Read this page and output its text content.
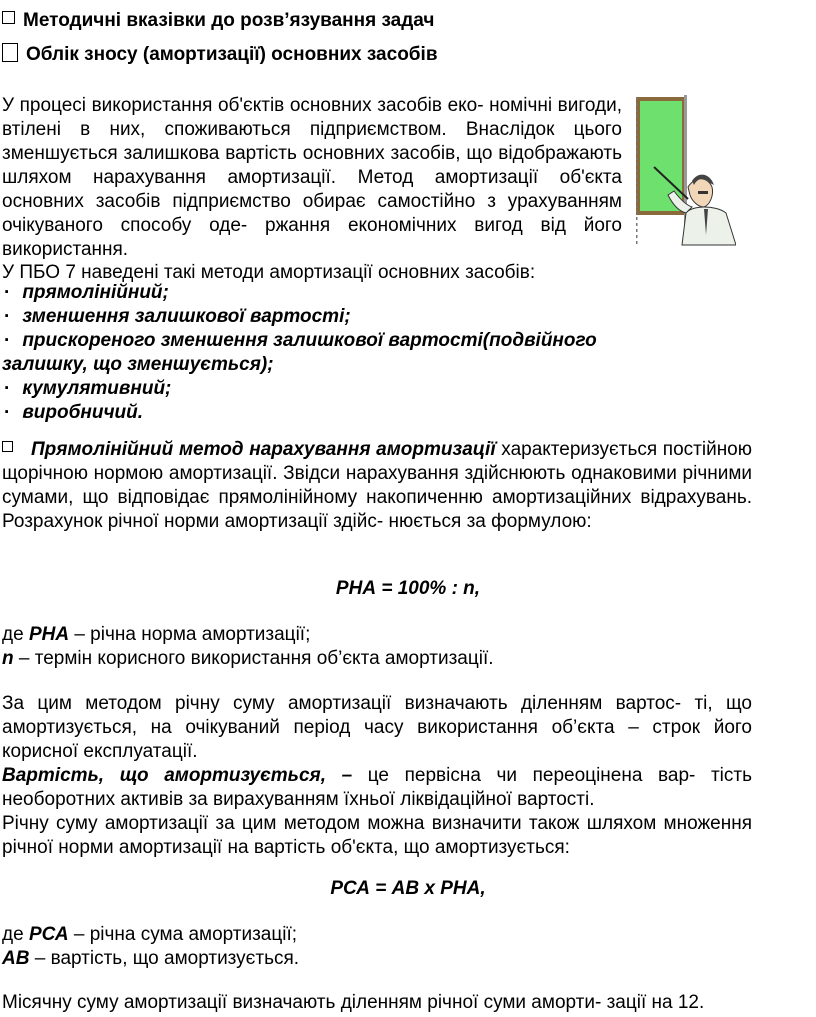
Методичні вказівки до розв’язування задач
Облік зносу (амортизації) основних засобів

У процесі використання об'єктів основних засобів еко- номічні вигоди, втілені в них, споживаються підприємством. Внаслідок цього зменшується залишкова вартість основних засобів, що відображають шляхом нарахування амортизації. Метод амортизації об'єкта основних засобів підприємство обирає самостійно з урахуванням очікуваного способу оде- ржання економічних вигод від його використання.

У ПБО 7 наведені такі методи амортизації основних засобів:
· прямолінійний;
· зменшення залишкової вартості;
· прискореного зменшення залишкової вартості(подвійного
залишку, що зменшується);
· кумулятивний;
· виробничий.

Прямолінійний метод нарахування амортизації характеризується постійною щорічною нормою амортизації. Звідси нарахування здійснюють однаковими річними сумами, що відповідає прямолінійному накопиченню амортизаційних відрахувань. Розрахунок річної норми амортизації здійс- нюється за формулою:

РНА = 100% : n,
де РНА – річна норма амортизації;
n – термін корисного використання об’єкта амортизації.

За цим методом річну суму амортизації визначають діленням вартос- ті, що амортизується, на очікуваний період часу використання об’єкта – строк його корисної експлуатації.

Вартість, що амортизується, – це первісна чи переоцінена вар- тість необоротних активів за вирахуванням їхньої ліквідаційної вартості.

Річну суму амортизації за цим методом можна визначити також шляхом множення річної норми амортизації на вартість об'єкта, що амортизується:

РСА = АВ х РНА,
де РСА – річна сума амортизації;
АВ – вартість, що амортизується.
Місячну суму амортизації визначають діленням річної суми аморти- зації на 12.
